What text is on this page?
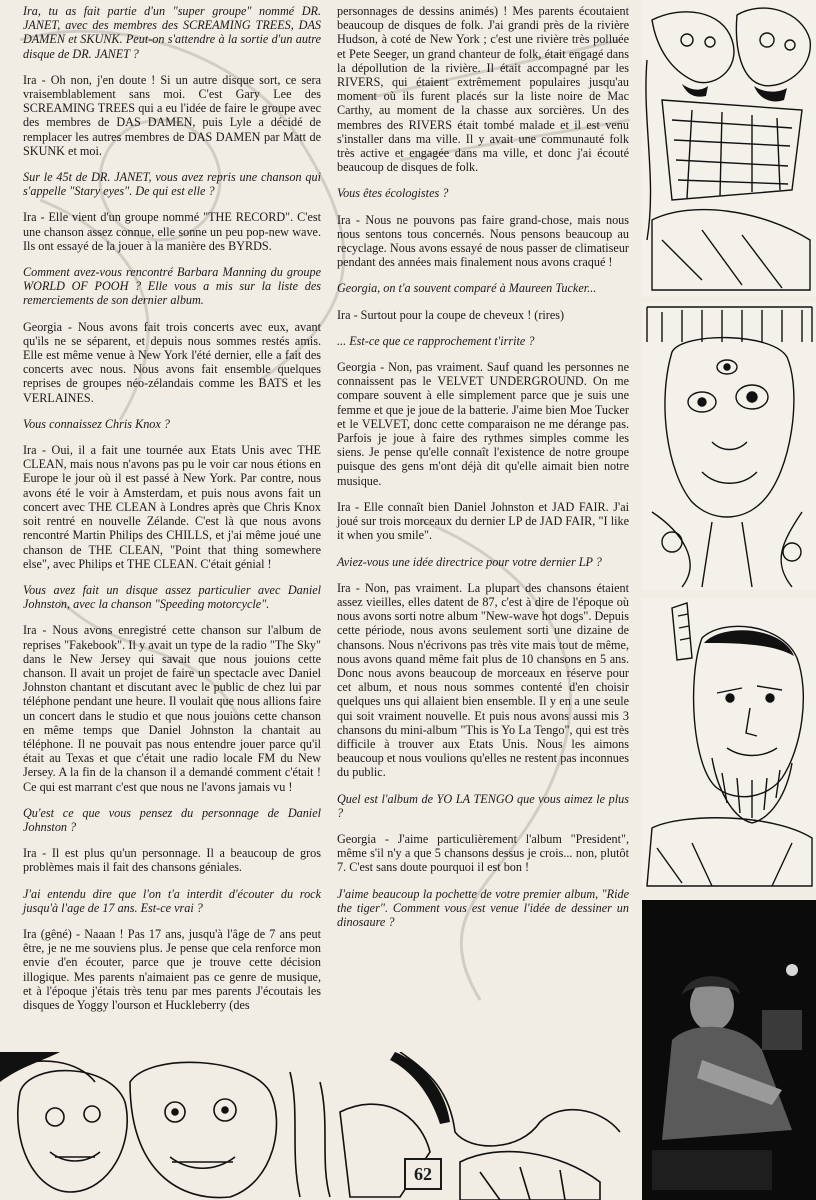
Ira, tu as fait partie d'un "super groupe" nommé DR. JANET, avec des membres des SCREAMING TREES, DAS DAMEN et SKUNK. Peut-on s'attendre à la sortie d'un autre disque de DR. JANET ?

Ira - Oh non, j'en doute ! Si un autre disque sort, ce sera vraisemblablement sans moi. C'est Gary Lee des SCREAMING TREES qui a eu l'idée de faire le groupe avec des membres de DAS DAMEN, puis Lyle a décidé de remplacer les autres membres de DAS DAMEN par Matt de SKUNK et moi.

Sur le 45t de DR. JANET, vous avez repris une chanson qui s'appelle "Stary eyes". De qui est elle ?

Ira - Elle vient d'un groupe nommé "THE RECORD". C'est une chanson assez connue, elle sonne un peu pop-new wave. Ils ont essayé de la jouer à la manière des BYRDS.

Comment avez-vous rencontré Barbara Manning du groupe WORLD OF POOH ? Elle vous a mis sur la liste des remerciements de son dernier album.

Georgia - Nous avons fait trois concerts avec eux, avant qu'ils ne se séparent, et depuis nous sommes restés amis. Elle est même venue à New York l'été dernier, elle a fait des concerts avec nous. Nous avons fait ensemble quelques reprises de groupes néo-zélandais comme les BATS et les VERLAINES.

Vous connaissez Chris Knox ?

Ira - Oui, il a fait une tournée aux Etats Unis avec THE CLEAN, mais nous n'avons pas pu le voir car nous étions en Europe le jour où il est passé à New York. Par contre, nous avons été le voir à Amsterdam, et puis nous avons fait un concert avec THE CLEAN à Londres après que Chris Knox soit rentré en nouvelle Zélande. C'est là que nous avons rencontré Martin Philips des CHILLS, et j'ai même joué une chanson de THE CLEAN, "Point that thing somewhere else", avec Philips et THE CLEAN. C'était génial !

Vous avez fait un disque assez particulier avec Daniel Johnston, avec la chanson "Speeding motorcycle".

Ira - Nous avons enregistré cette chanson sur l'album de reprises "Fakebook". Il y avait un type de la radio "The Sky" dans le New Jersey qui savait que nous jouions cette chanson. Il avait un projet de faire un spectacle avec Daniel Johnston chantant et discutant avec le public de chez lui par téléphone pendant une heure. Il voulait que nous allions faire un concert dans le studio et que nous jouions cette chanson en même temps que Daniel Johnston la chantait au téléphone. Il ne pouvait pas nous entendre jouer parce qu'il était au Texas et que c'était une radio locale FM du New Jersey. A la fin de la chanson il a demandé comment c'était ! Ce qui est marrant c'est que nous ne l'avons jamais vu !

Qu'est ce que vous pensez du personnage de Daniel Johnston ?

Ira - Il est plus qu'un personnage. Il a beaucoup de gros problèmes mais il fait des chansons géniales.

J'ai entendu dire que l'on t'a interdit d'écouter du rock jusqu'à l'age de 17 ans. Est-ce vrai ?

Ira (gêné) - Naaan ! Pas 17 ans, jusqu'à l'âge de 7 ans peut être, je ne me souviens plus. Je pense que cela renforce mon envie d'en écouter, parce que je trouve cette décision illogique. Mes parents n'aimaient pas ce genre de musique, et à l'époque j'étais très tenu par mes parents J'écoutais les disques de Yoggy l'ourson et Huckleberry (des

personnages de dessins animés) ! Mes parents écoutaient beaucoup de disques de folk. J'ai grandi près de la rivière Hudson, à coté de New York ; c'est une rivière très polluée et Pete Seeger, un grand chanteur de folk, était engagé dans la dépollution de la rivière. Il était accompagné par les RIVERS, qui étaient extrêmement populaires jusqu'au moment où ils furent placés sur la liste noire de Mac Carthy, au moment de la chasse aux sorcières. Un des membres des RIVERS était tombé malade et il est venu s'installer dans ma ville. Il y avait une communauté folk très active et engagée dans ma ville, et donc j'ai écouté beaucoup de disques de folk.

Vous êtes écologistes ?

Ira - Nous ne pouvons pas faire grand-chose, mais nous nous sentons tous concernés. Nous pensons beaucoup au recyclage. Nous avons essayé de nous passer de climatiseur pendant des années mais finalement nous avons craqué !

Georgia, on t'a souvent comparé à Maureen Tucker...

Ira - Surtout pour la coupe de cheveux ! (rires)

... Est-ce que ce rapprochement t'irrite ?

Georgia - Non, pas vraiment. Sauf quand les personnes ne connaissent pas le VELVET UNDERGROUND. On me compare souvent à elle simplement parce que je suis une femme et que je joue de la batterie. J'aime bien Moe Tucker et le VELVET, donc cette comparaison ne me dérange pas. Parfois je joue à faire des rythmes simples comme les siens. Je pense qu'elle connaît l'existence de notre groupe puisque des gens m'ont déjà dit qu'elle aimait bien notre musique.

Ira - Elle connaît bien Daniel Johnston et JAD FAIR. J'ai joué sur trois morceaux du dernier LP de JAD FAIR, "I like it when you smile".

Aviez-vous une idée directrice pour votre dernier LP ?

Ira - Non, pas vraiment. La plupart des chansons étaient assez vieilles, elles datent de 87, c'est à dire de l'époque où nous avons sorti notre album "New-wave hot dogs". Depuis cette période, nous avons seulement sorti une dizaine de chansons. Nous n'écrivons pas très vite mais tout de même, nous avons quand même fait plus de 10 chansons en 5 ans. Donc nous avons beaucoup de morceaux en réserve pour cet album, et nous nous sommes contenté d'en choisir quelques uns qui allaient bien ensemble. Il y en a une seule qui soit vraiment nouvelle. Et puis nous avons aussi mis 3 chansons du mini-album "This is Yo La Tengo", qui est très difficile à trouver aux Etats Unis. Nous les aimons beaucoup et nous voulions qu'elles ne restent pas inconnues du public.

Quel est l'album de YO LA TENGO que vous aimez le plus ?

Georgia - J'aime particulièrement l'album "President", même s'il n'y a que 5 chansons dessus je crois... non, plutôt 7. C'est sans doute pourquoi il est bon !

J'aime beaucoup la pochette de votre premier album, "Ride the tiger". Comment vous est venue l'idée de dessiner un dinosaure ?

62
